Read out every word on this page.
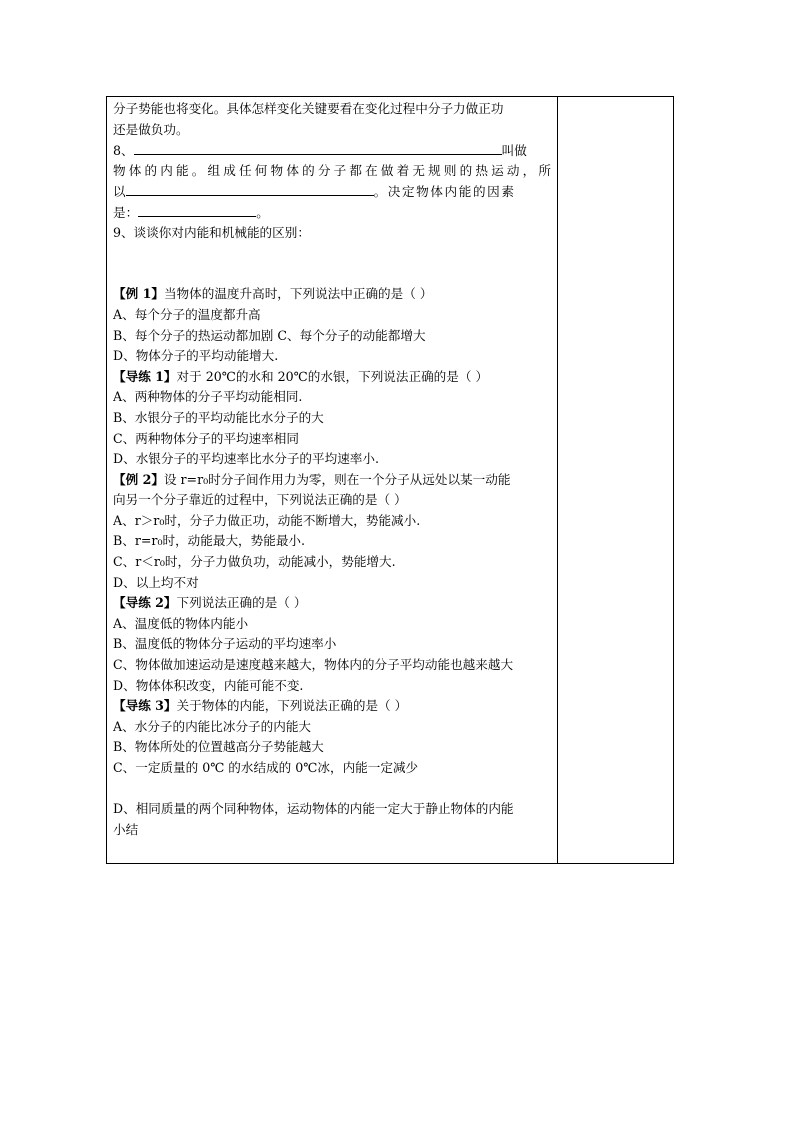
分子势能也将变化。具体怎样变化关键要看在变化过程中分子力做正功
还是做负功。
8、	叫做
物体的内能。组成任何物体的分子都在做着无规则的热运动，所
以	。决定物体内能的因素
是：	。
9、谈谈你对内能和机械能的区别：
【例 1】当物体的温度升高时，下列说法中正确的是（ ）
A、每个分子的温度都升高
B、每个分子的热运动都加剧 C、每个分子的动能都增大
D、物体分子的平均动能增大.
【导练 1】对于 20℃的水和 20℃的水银，下列说法正确的是（ ）
A、两种物体的分子平均动能相同.
B、水银分子的平均动能比水分子的大
C、两种物体分子的平均速率相同
D、水银分子的平均速率比水分子的平均速率小.
【例 2】设 r=r₀时分子间作用力为零，则在一个分子从远处以某一动能
向另一个分子靠近的过程中，下列说法正确的是（ ）
A、r＞r₀时，分子力做正功，动能不断增大，势能减小.
B、r=r₀时，动能最大，势能最小.
C、r＜r₀时，分子力做负功，动能减小，势能增大.
D、以上均不对
【导练 2】下列说法正确的是（ ）
A、温度低的物体内能小
B、温度低的物体分子运动的平均速率小
C、物体做加速运动是速度越来越大，物体内的分子平均动能也越来越大
D、物体体积改变，内能可能不变.
【导练 3】关于物体的内能，下列说法正确的是（ ）
A、水分子的内能比冰分子的内能大
B、物体所处的位置越高分子势能越大
C、一定质量的 0℃ 的水结成的 0℃冰，内能一定减少
D、相同质量的两个同种物体，运动物体的内能一定大于静止物体的内能
小结
